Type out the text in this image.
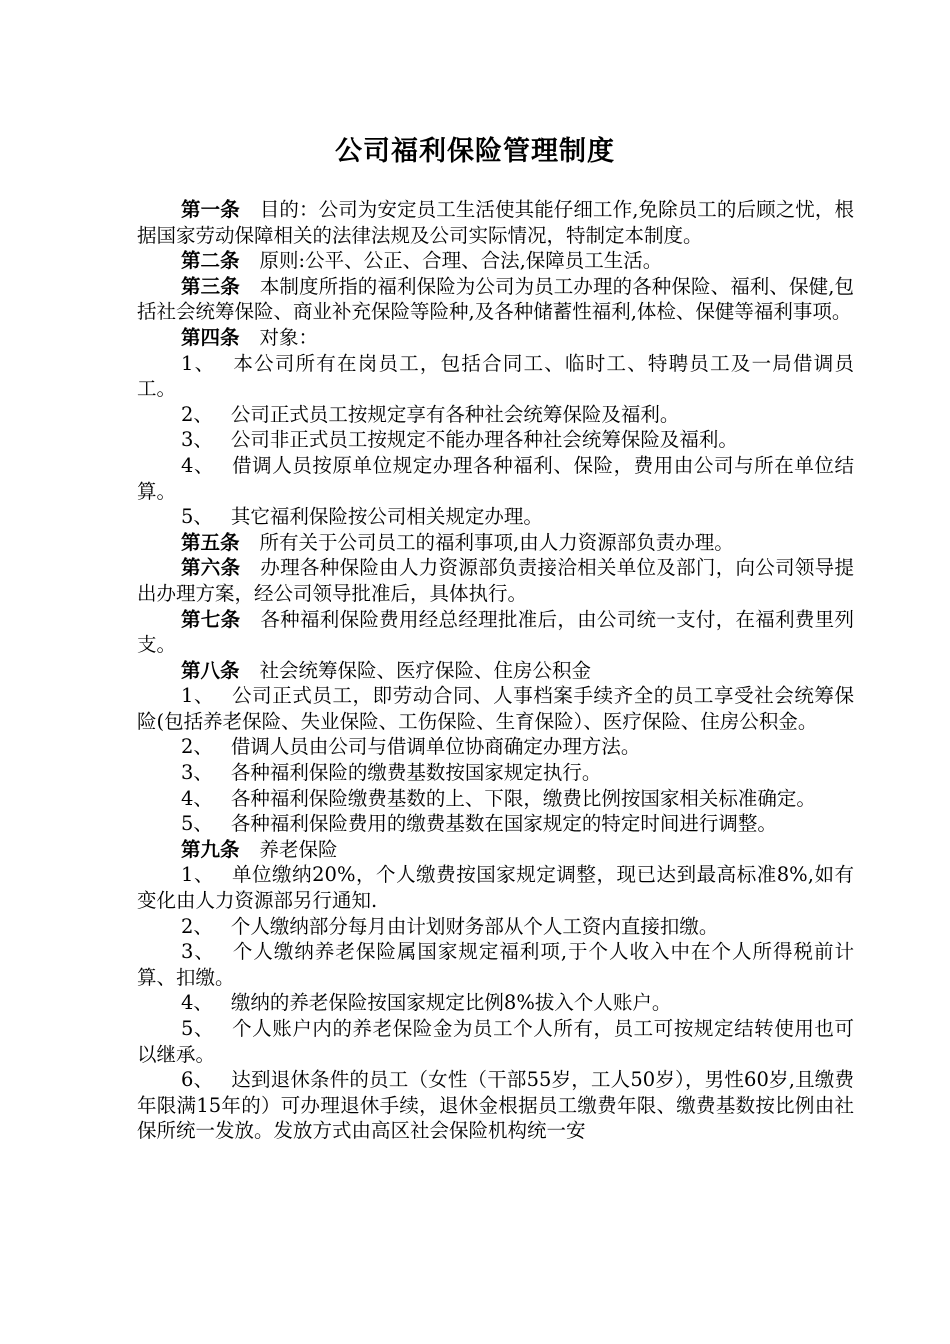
公司福利保险管理制度

第一条 目的：公司为安定员工生活使其能仔细工作,免除员工的后顾之忧，根据国家劳动保障相关的法律法规及公司实际情况，特制定本制度。

第二条 原则:公平、公正、合理、合法,保障员工生活。

第三条 本制度所指的福利保险为公司为员工办理的各种保险、福利、保健,包括社会统筹保险、商业补充保险等险种,及各种储蓄性福利,体检、保健等福利事项。

第四条 对象：

1、 本公司所有在岗员工，包括合同工、临时工、特聘员工及一局借调员工。

2、 公司正式员工按规定享有各种社会统筹保险及福利。

3、 公司非正式员工按规定不能办理各种社会统筹保险及福利。

4、 借调人员按原单位规定办理各种福利、保险，费用由公司与所在单位结算。

5、 其它福利保险按公司相关规定办理。

第五条 所有关于公司员工的福利事项,由人力资源部负责办理。

第六条 办理各种保险由人力资源部负责接洽相关单位及部门，向公司领导提出办理方案，经公司领导批准后，具体执行。

第七条 各种福利保险费用经总经理批准后，由公司统一支付，在福利费里列支。

第八条 社会统筹保险、医疗保险、住房公积金

1、 公司正式员工，即劳动合同、人事档案手续齐全的员工享受社会统筹保险(包括养老保险、失业保险、工伤保险、生育保险）、医疗保险、住房公积金。

2、 借调人员由公司与借调单位协商确定办理方法。

3、 各种福利保险的缴费基数按国家规定执行。

4、 各种福利保险缴费基数的上、下限，缴费比例按国家相关标准确定。

5、 各种福利保险费用的缴费基数在国家规定的特定时间进行调整。

第九条 养老保险

1、 单位缴纳20%，个人缴费按国家规定调整，现已达到最高标准8%,如有变化由人力资源部另行通知.

2、 个人缴纳部分每月由计划财务部从个人工资内直接扣缴。

3、 个人缴纳养老保险属国家规定福利项,于个人收入中在个人所得税前计算、扣缴。

4、 缴纳的养老保险按国家规定比例8%拔入个人账户。

5、 个人账户内的养老保险金为员工个人所有，员工可按规定结转使用也可以继承。

6、 达到退休条件的员工（女性（干部55岁，工人50岁），男性60岁,且缴费年限满15年的）可办理退休手续，退休金根据员工缴费年限、缴费基数按比例由社保所统一发放。发放方式由高区社会保险机构统一安
